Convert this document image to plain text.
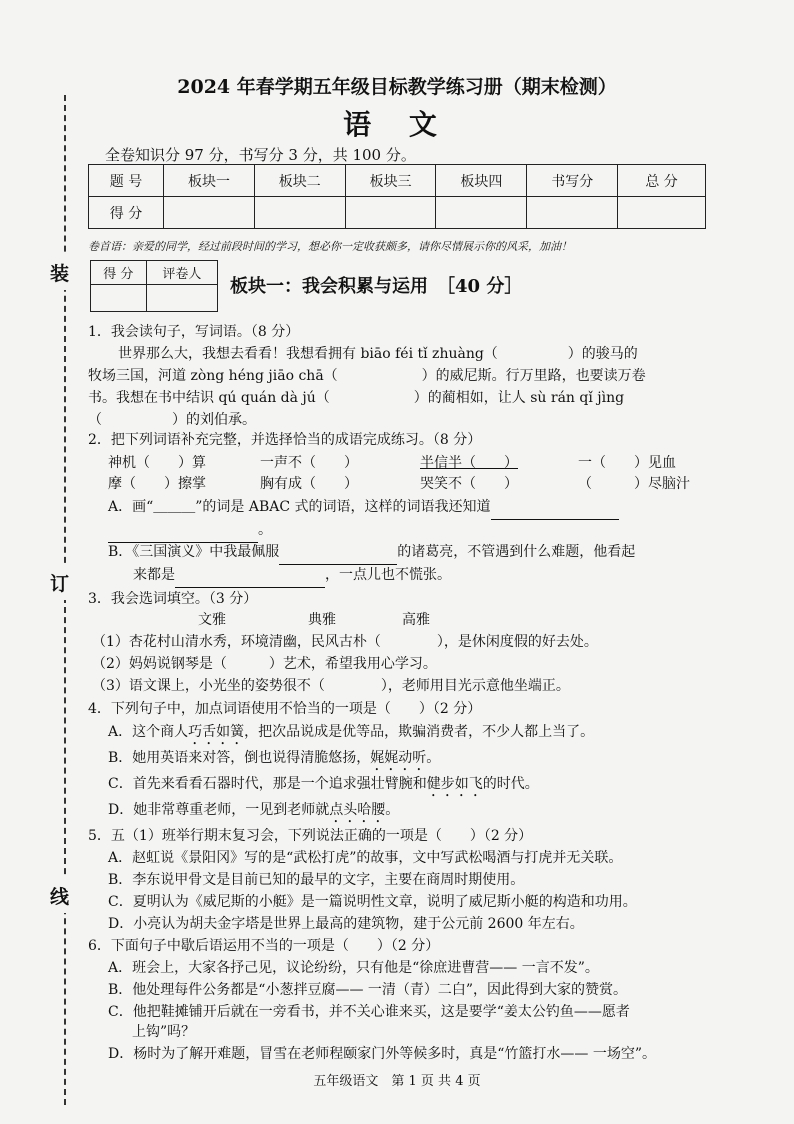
装
订
线
2024 年春学期五年级目标教学练习册（期末检测）
语 文
全卷知识分 97 分，书写分 3 分，共 100 分。
题 号	板块一	板块二	板块三	板块四	书写分	总 分
得 分						
卷首语：亲爱的同学，经过前段时间的学习，想必你一定收获颇多，请你尽情展示你的风采，加油！
得 分	评卷人

板块一：我会积累与运用　［40 分］
1．我会读句子，写词语。（8 分）
世界那么大，我想去看看！我想看拥有 biāo féi tǐ zhuàng（　　　　　）的骏马的
牧场三国，河道 zòng héng jiāo chā（　　　　　　）的威尼斯。行万里路，也要读万卷
书。我想在书中结识 qú quán dà jú（　　　　　　）的蔺相如，让人 sù rán qǐ jìng
（　　　　　）的刘伯承。
2．把下列词语补充完整，并选择恰当的成语完成练习。（8 分）
神机（　　）算	一声不（　　）	半信半（　　）	一（　　）见血
摩（　　）擦掌	胸有成（　　）	哭笑不（　　）	（　　　）尽脑汁
A．画“＿＿＿”的词是 ABAC 式的词语，这样的词语我还知道
。
B．《三国演义》中我最佩服	的诸葛亮，不管遇到什么难题，他看起
来都是	，一点儿也不慌张。
3．我会选词填空。（3 分）
文雅	典雅	高雅
（1）杏花村山清水秀，环境清幽，民风古朴（　　　　），是休闲度假的好去处。
（2）妈妈说钢琴是（　　　）艺术，希望我用心学习。
（3）语文课上，小光坐的姿势很不（　　　　），老师用目光示意他坐端正。
4．下列句子中，加点词语使用不恰当的一项是（　　）（2 分）
A．这个商人巧舌如簧，把次品说成是优等品，欺骗消费者，不少人都上当了。
B．她用英语来对答，倒也说得清脆悠扬，娓娓动听。
C．首先来看看石器时代，那是一个追求强壮臂腕和健步如飞的时代。
D．她非常尊重老师，一见到老师就点头哈腰。
5．五（1）班举行期末复习会，下列说法正确的一项是（　　）（2 分）
A．赵虹说《景阳冈》写的是“武松打虎”的故事，文中写武松喝酒与打虎并无关联。
B．李东说甲骨文是目前已知的最早的文字，主要在商周时期使用。
C．夏明认为《威尼斯的小艇》是一篇说明性文章，说明了威尼斯小艇的构造和功用。
D．小亮认为胡夫金字塔是世界上最高的建筑物，建于公元前 2600 年左右。
6．下面句子中歇后语运用不当的一项是（　　）（2 分）
A．班会上，大家各抒己见，议论纷纷，只有他是“徐庶进曹营—— 一言不发”。
B．他处理每件公务都是“小葱拌豆腐—— 一清（青）二白”，因此得到大家的赞赏。
C．他把鞋摊铺开后就在一旁看书，并不关心谁来买，这是要学“姜太公钓鱼——愿者
上钩”吗？
D．杨时为了解开难题，冒雪在老师程颐家门外等候多时，真是“竹篮打水—— 一场空”。
五年级语文　第 1 页 共 4 页
